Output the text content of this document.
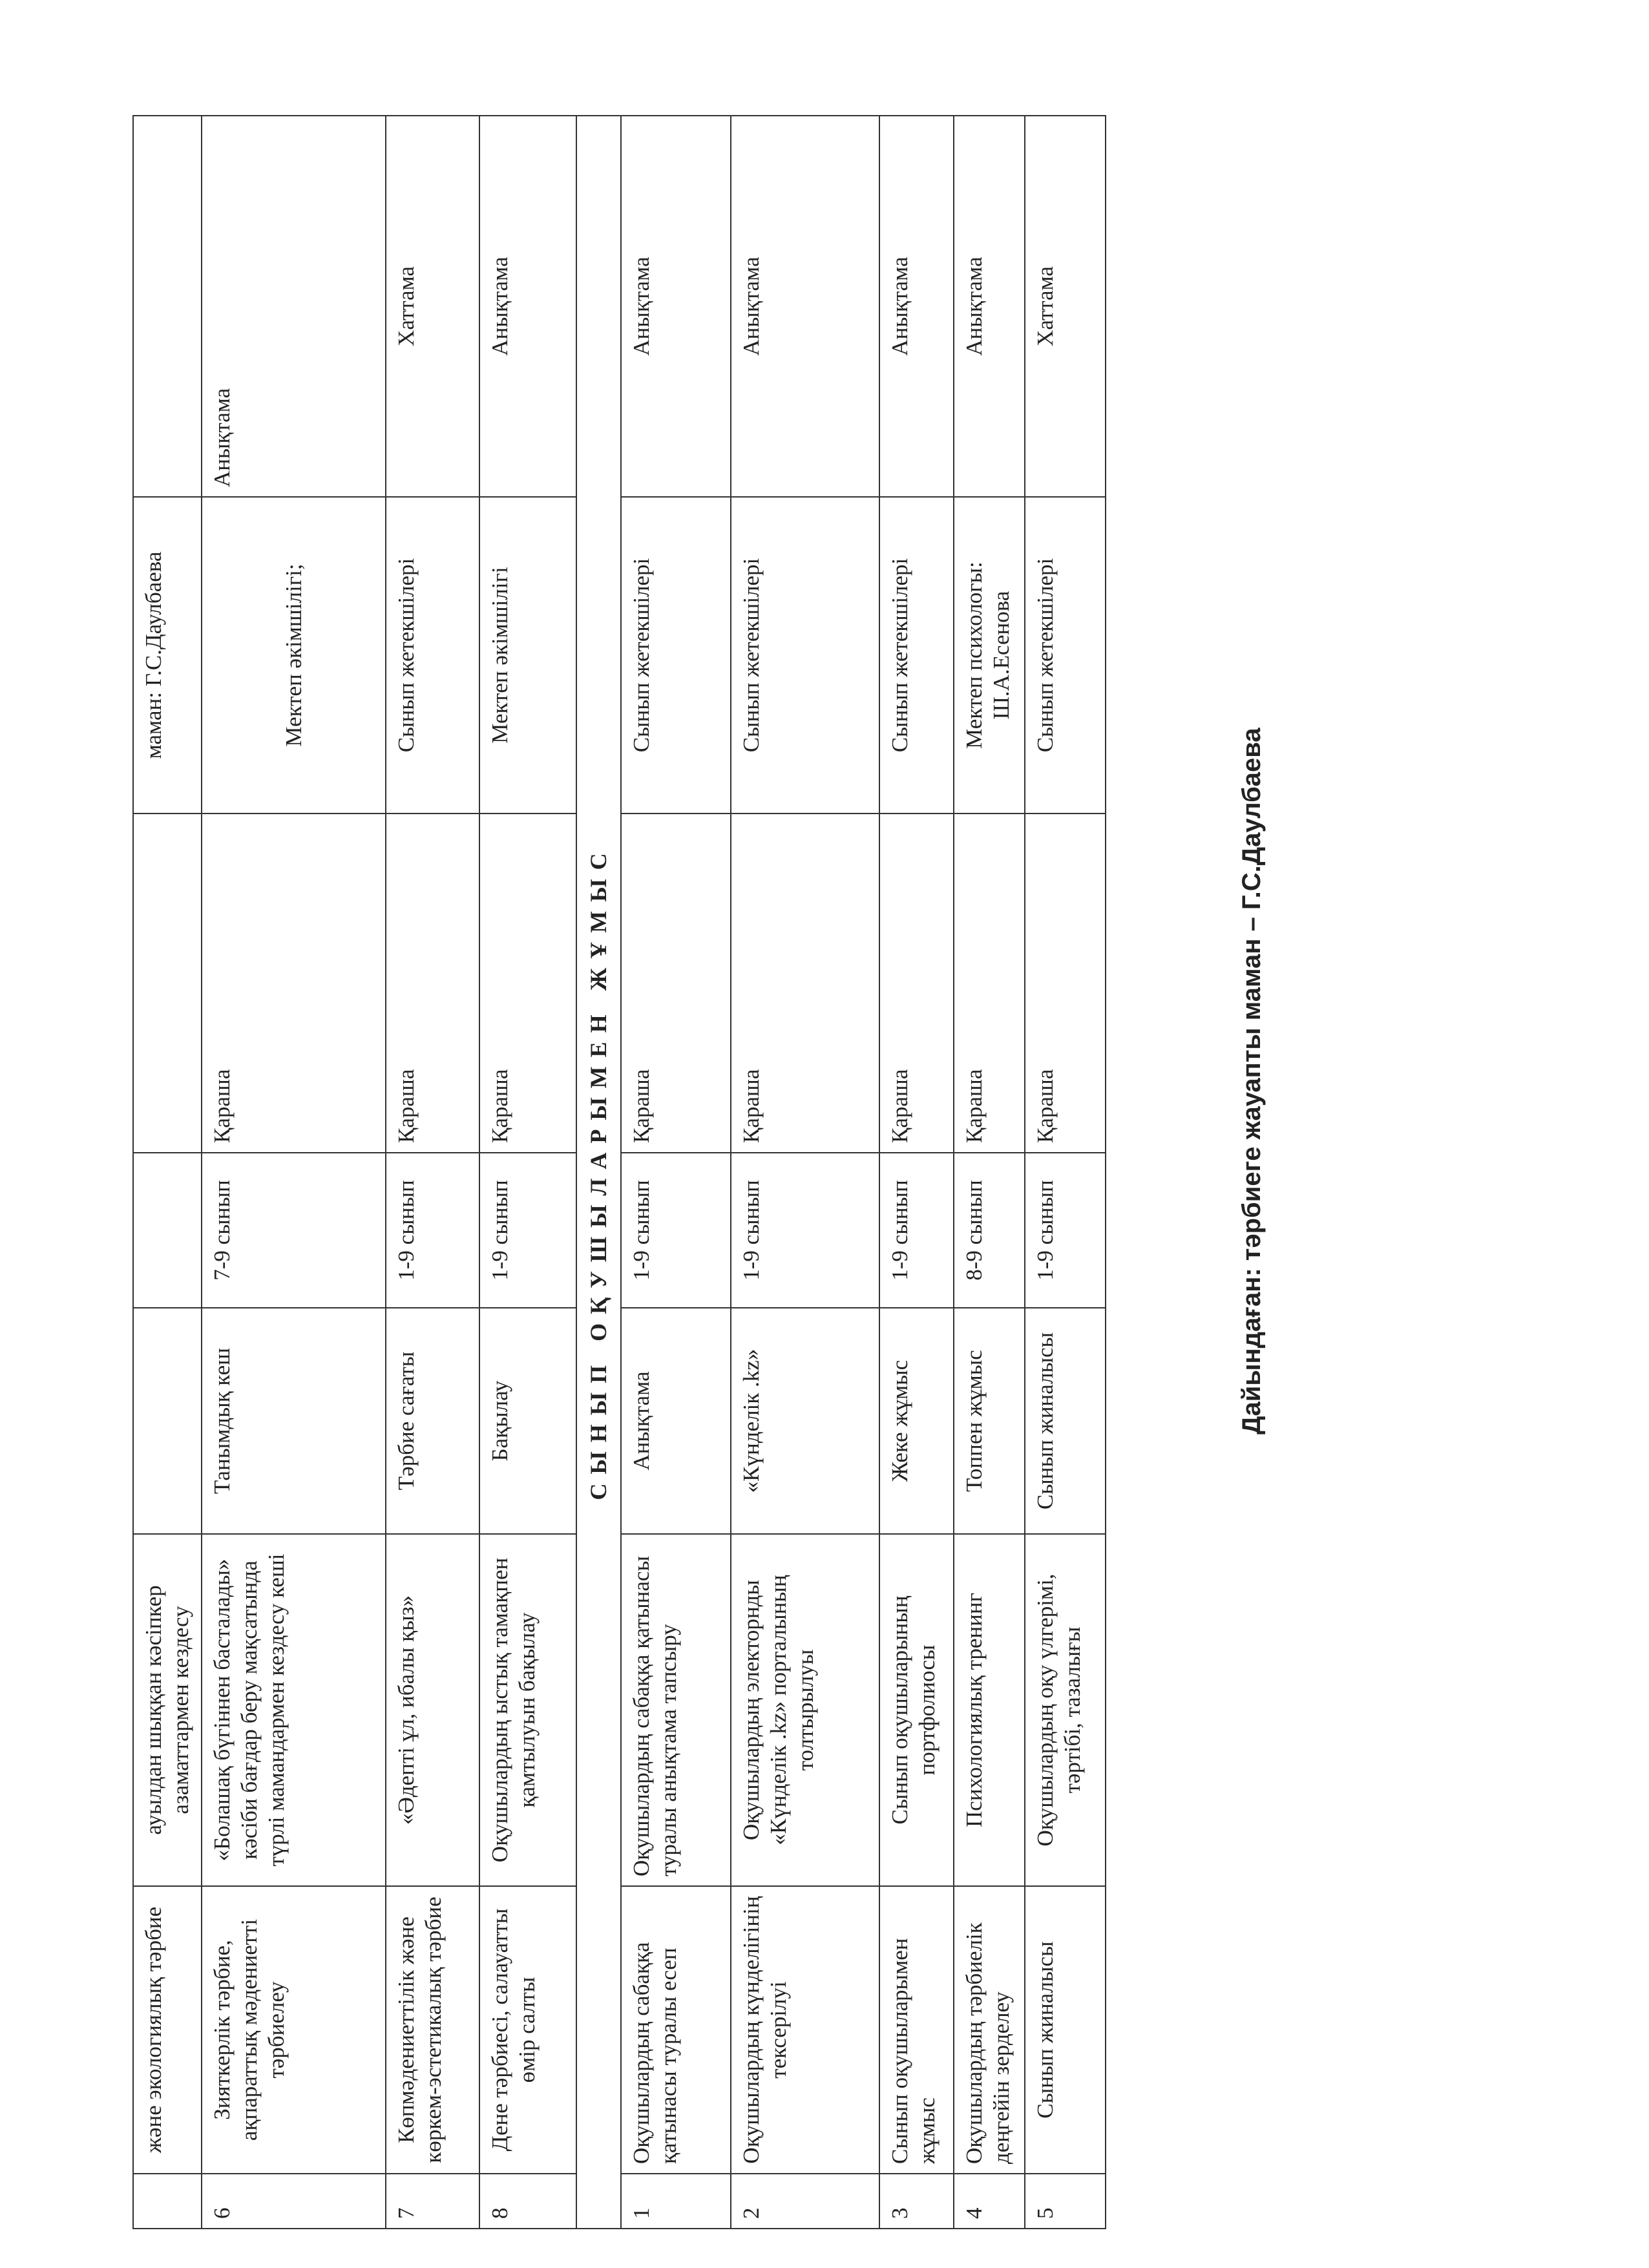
	және экологиялық тәрбие	ауылдан шыққан кәсіпкер азаматтармен кездесу				маман: Г.С.Даулбаева	
6	Зияткерлік тәрбие, ақпараттық мәдениетті тәрбиелеу	«Болашақ бүгіннен басталады» кәсіби бағдар беру мақсатында түрлі мамандармен кездесу кеші	Танымдық кеш	7-9 сынып	Қараша	Мектеп әкімшілігі;	Анықтама
7	Көпмәдениеттілік және көркем-эстетикалық тәрбие	«Әдепті ұл, ибалы қыз»	Тәрбие сағаты	1-9 сынып	Қараша	Сынып жетекшілері	Хаттама
8	Дене тәрбиесі, салауатты өмір салты	Оқушылардың ыстық тамақпен қамтылуын бақылау	Бақылау	1-9 сынып	Қараша	Мектеп әкімшілігі	Анықтама
СЫНЫП ОҚУШЫЛАРЫМЕН ЖҰМЫС							
1	Оқушылардың сабаққа қатынасы туралы есеп	Оқушылардың сабаққа қатынасы туралы анықтама тапсыру	Анықтама	1-9 сынып	Қараша	Сынып жетекшілері	Анықтама
2	Оқушылардың күнделігінің тексерілуі	Оқушылардың электорнды «Күнделік .kz» порталының толтырылуы	«Күнделік .kz»	1-9 сынып	Қараша	Сынып жетекшілері	Анықтама
3	Сынып оқушыларымен жұмыс	Сынып оқушыларының портфолиосы	Жеке жұмыс	1-9 сынып	Қараша	Сынып жетекшілері	Анықтама
4	Оқушылардың тәрбиелік деңгейін зерделеу	Психологиялық тренинг	Топпен жұмыс	8-9 сынып	Қараша	Мектеп психологы: Ш.А.Есенова	Анықтама
5	Сынып жиналысы	Оқушылардың оқу үлгерімі, тәртібі, тазалығы	Сынып жиналысы	1-9 сынып	Қараша	Сынып жетекшілері	Хаттама
Дайындаған: тәрбиеге жауапты маман – Г.С.Даулбаева
